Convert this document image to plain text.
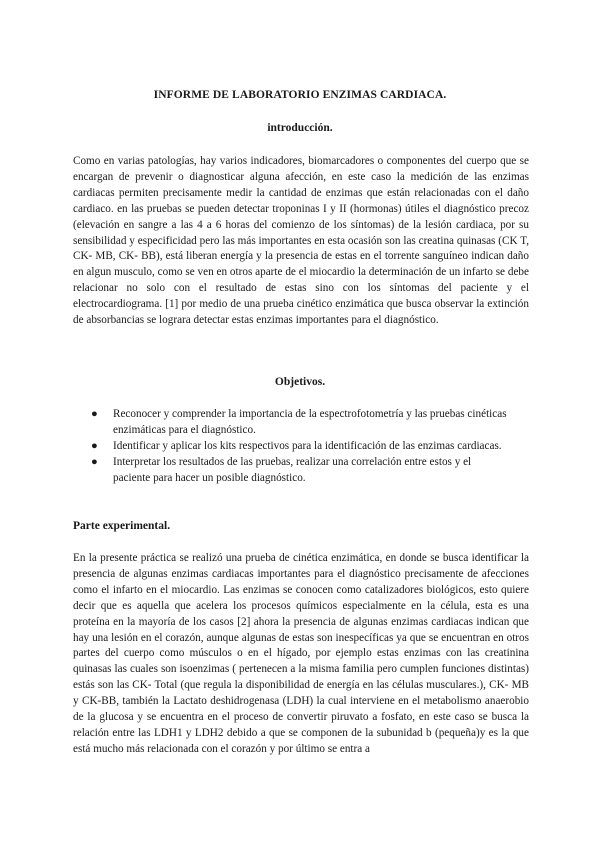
INFORME DE LABORATORIO ENZIMAS CARDIACA.
introducción.

Como en varias patologías, hay varios indicadores, biomarcadores o componentes del cuerpo que se encargan de prevenir o diagnosticar alguna afección, en este caso la medición de las enzimas cardiacas permiten precisamente medir la cantidad de enzimas que están relacionadas con el daño cardiaco. en las pruebas se pueden detectar troponinas I y II (hormonas) útiles el diagnóstico precoz (elevación en sangre a las 4 a 6 horas del comienzo de los síntomas) de la lesión cardiaca, por su sensibilidad y especificidad pero las más importantes en esta ocasión son las creatina quinasas (CK T, CK- MB, CK- BB), está liberan energía y la presencia de estas en el torrente sanguíneo indican daño en algun musculo, como se ven en otros aparte de el miocardio la determinación de un infarto se debe relacionar no solo con el resultado de estas sino con los síntomas del paciente y el electrocardiograma. [1] por medio de una prueba cinético enzimática que busca observar la extinción de absorbancias se lograra detectar estas enzimas importantes para el diagnóstico.

Objetivos.
● Reconocer y comprender la importancia de la espectrofotometría y las pruebas cinéticas enzimáticas para el diagnóstico.
● Identificar y aplicar los kits respectivos para la identificación de las enzimas cardiacas.
● Interpretar los resultados de las pruebas, realizar una correlación entre estos y el paciente para hacer un posible diagnóstico.
Parte experimental.

En la presente práctica se realizó una prueba de cinética enzimática, en donde se busca identificar la presencia de algunas enzimas cardiacas importantes para el diagnóstico precisamente de afecciones como el infarto en el miocardio. Las enzimas se conocen como catalizadores biológicos, esto quiere decir que es aquella que acelera los procesos químicos especialmente en la célula, esta es una proteína en la mayoría de los casos [2] ahora la presencia de algunas enzimas cardiacas indican que hay una lesión en el corazón, aunque algunas de estas son inespecíficas ya que se encuentran en otros partes del cuerpo como músculos o en el hígado, por ejemplo estas enzimas con las creatinina quinasas las cuales son isoenzimas ( pertenecen a la misma familia pero cumplen funciones distintas) estás son las CK- Total (que regula la disponibilidad de energía en las células musculares.), CK- MB y CK-BB, también la Lactato deshidrogenasa (LDH) la cual interviene en el metabolismo anaerobio de la glucosa y se encuentra en el proceso de convertir piruvato a fosfato, en este caso se busca la relación entre las LDH1 y LDH2 debido a que se componen de la subunidad b (pequeña)y es la que está mucho más relacionada con el corazón y por último se entra a
